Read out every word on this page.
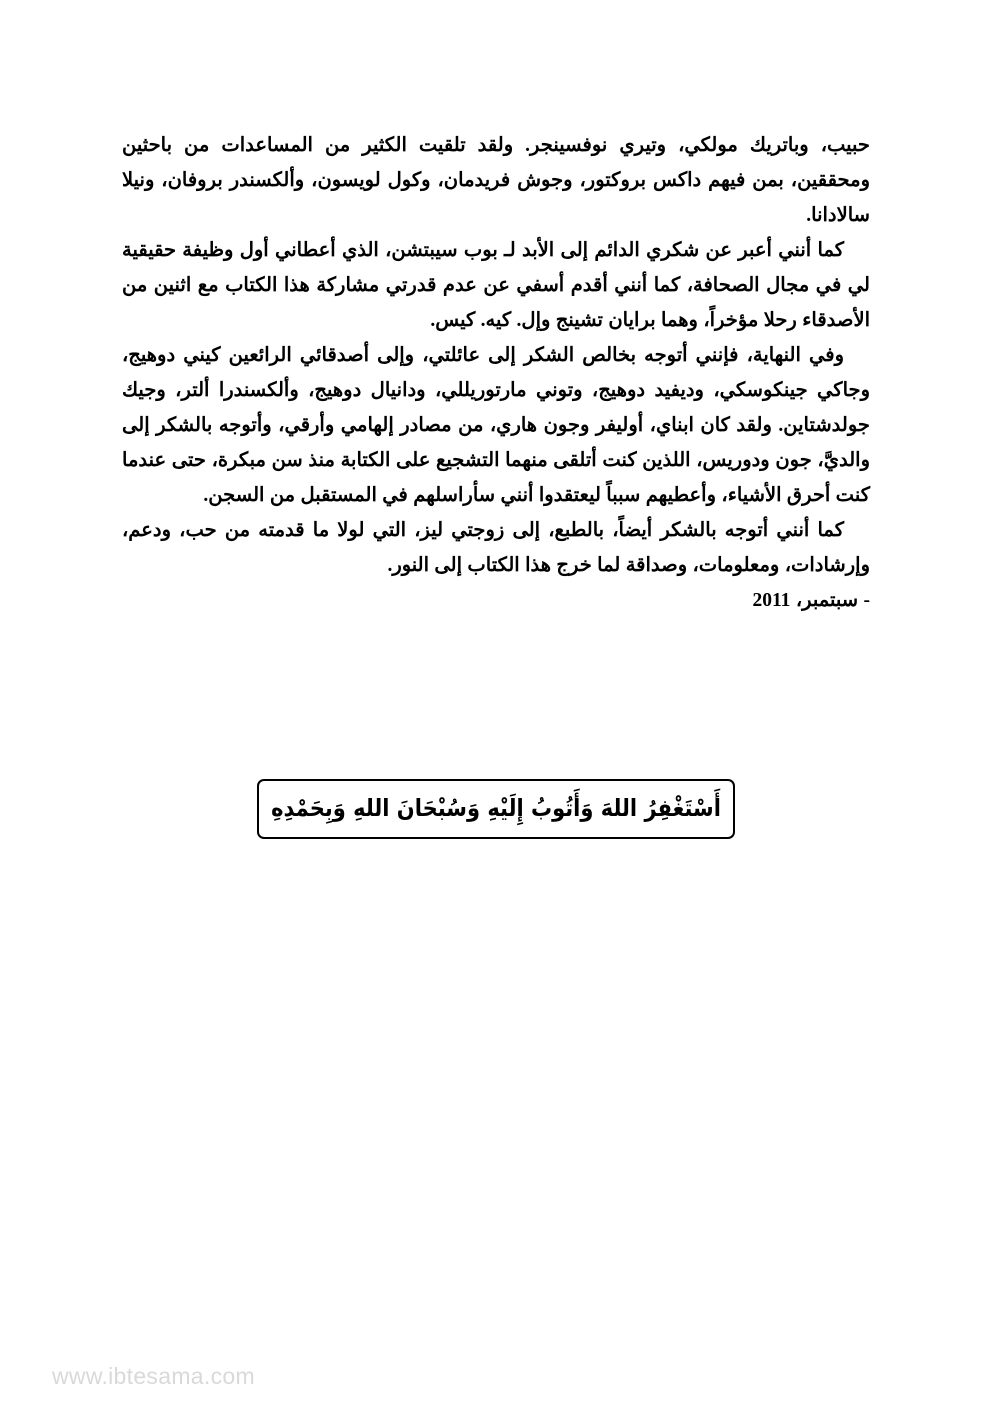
حبيب، وباتريك مولكي، وتيري نوفسينجر. ولقد تلقيت الكثير من المساعدات من باحثين ومحققين، بمن فيهم داكس بروكتور، وجوش فريدمان، وكول لويسون، وألكسندر بروفان، ونيلا سالادانا.

كما أنني أعبر عن شكري الدائم إلى الأبد لـ بوب سيبتشن، الذي أعطاني أول وظيفة حقيقية لي في مجال الصحافة، كما أنني أقدم أسفي عن عدم قدرتي مشاركة هذا الكتاب مع اثنين من الأصدقاء رحلا مؤخراً، وهما برايان تشينج وإل. كيه. كيس.

وفي النهاية، فإنني أتوجه بخالص الشكر إلى عائلتي، وإلى أصدقائي الرائعين كيني دوهيج، وجاكي جينكوسكي، وديفيد دوهيج، وتوني مارتوريللي، ودانيال دوهيج، وألكسندرا ألتر، وجيك جولدشتاين. ولقد كان ابناي، أوليفر وجون هاري، من مصادر إلهامي وأرقي، وأتوجه بالشكر إلى والديَّ، جون ودوريس، اللذين كنت أتلقى منهما التشجيع على الكتابة منذ سن مبكرة، حتى عندما كنت أحرق الأشياء، وأعطيهم سبباً ليعتقدوا أنني سأراسلهم في المستقبل من السجن.

كما أنني أتوجه بالشكر أيضاً، بالطبع، إلى زوجتي ليز، التي لولا ما قدمته من حب، ودعم، وإرشادات، ومعلومات، وصداقة لما خرج هذا الكتاب إلى النور.

- سبتمبر، 2011

أَسْتَغْفِرُ اللهَ وَأَتُوبُ إِلَيْهِ وَسُبْحَانَ اللهِ وَبِحَمْدِهِ
www.ibtesama.com
